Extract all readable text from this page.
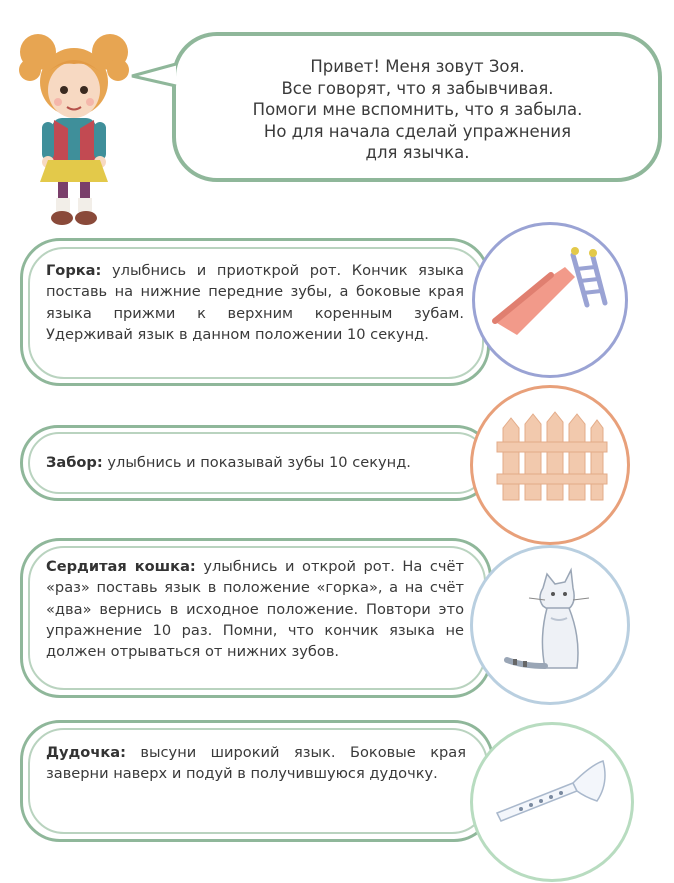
Привет! Меня зовут Зоя.
Все говорят, что я забывчивая.
Помоги мне вспомнить, что я забыла.
Но для начала сделай упражнения
для язычка.
Горка: улыбнись и приоткрой рот. Кончик языка поставь на нижние передние зубы, а боковые края языка прижми к верхним коренным зубам. Удерживай язык в данном положении 10 секунд.
Забор: улыбнись и показывай зубы 10 секунд.
Сердитая кошка: улыбнись и открой рот. На счёт «раз» поставь язык в положение «горка», а на счёт «два» вернись в исходное положение. Повтори это упражнение 10 раз. Помни, что кончик языка не должен отрываться от нижних зубов.
Дудочка: высуни широкий язык. Боковые края заверни наверх и подуй в получившуюся дудочку.
